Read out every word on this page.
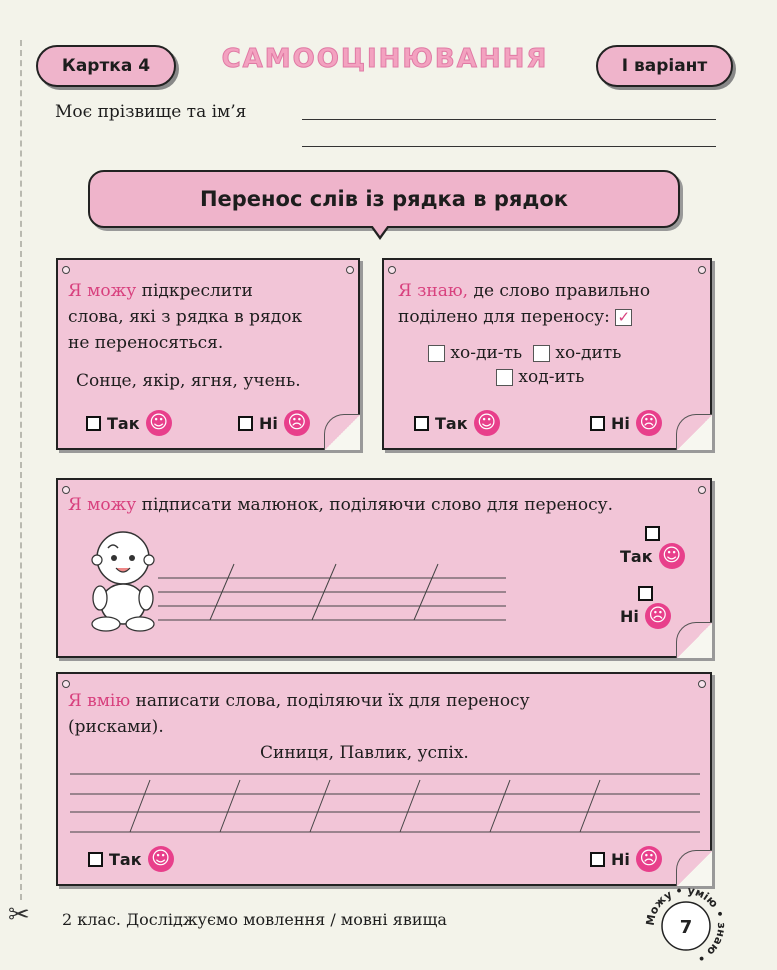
✂
Картка 4	САМООЦІНЮВАННЯ	І варіант
Моє прізвище та ім’я
Перенос слів із рядка в рядок
Я можу підкреслити
слова, які з рядка в рядок
не переносяться.
Сонце, якір, ягня, учень.
Так ☺	Ні ☹
Я знаю, де слово правильно
поділено для переносу: ✓
хо-ди-ть хо-дить
ход-ить
Так ☺	Ні ☹
Я можу підписати малюнок, поділяючи слово для переносу.
Так ☺
Ні ☹
Я вмію написати слова, поділяючи їх для переносу
(рисками).
Синиця, Павлик, успіх.
Так ☺	Ні ☹
2 клас. Досліджуємо мовлення / мовні явища	Можу • умію • знаю •
7
